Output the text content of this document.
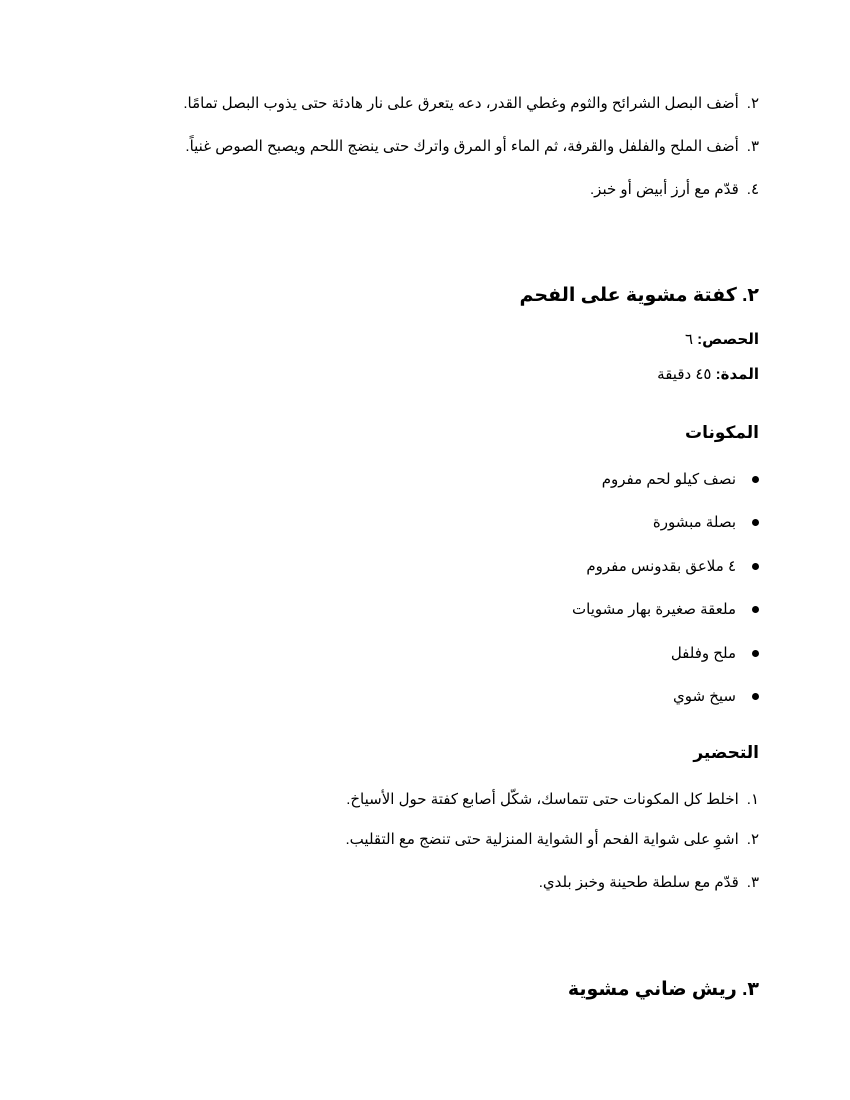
٢.أضف البصل الشرائح والثوم وغطي القدر، دعه يتعرق على نار هادئة حتى يذوب البصل تمامًا.
٣.أضف الملح والفلفل والقرفة، ثم الماء أو المرق واترك حتى ينضج اللحم ويصبح الصوص غنياً.
٤.قدّم مع أرز أبيض أو خبز.
٢. كفتة مشوية على الفحم
الحصص: ٦
المدة: ٤٥ دقيقة
المكونات
نصف كيلو لحم مفروم
بصلة مبشورة
٤ ملاعق بقدونس مفروم
ملعقة صغيرة بهار مشويات
ملح وفلفل
سيخ شوي
التحضير
١.اخلط كل المكونات حتى تتماسك، شكّل أصابع كفتة حول الأسياخ.
٢.اشوِ على شواية الفحم أو الشواية المنزلية حتى تنضج مع التقليب.
٣.قدّم مع سلطة طحينة وخبز بلدي.
٣. ريش ضاني مشوية
